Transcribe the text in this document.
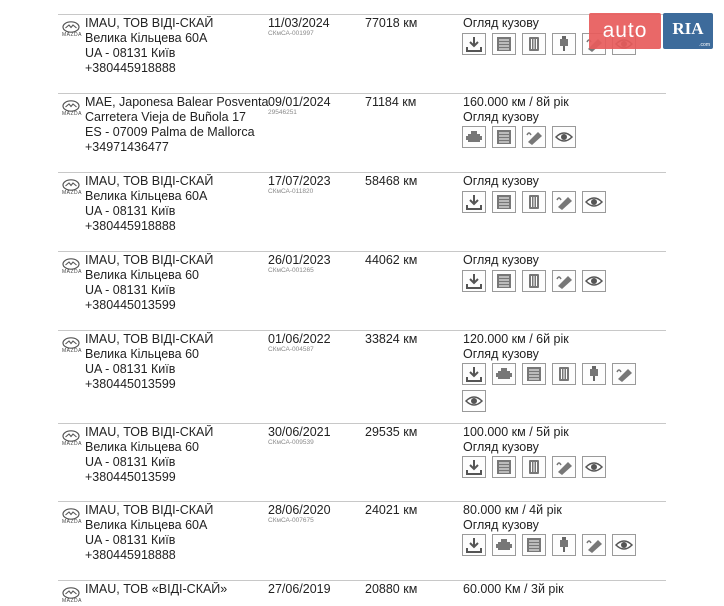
MAZDA
ІМАU, ТОВ ВІДІ-СКАЙ
Велика Кільцева 60А
UA - 08131 Київ
+380445918888
11/03/2024
СКмСА-001997
77018 км	Огляд кузову
MAZDA
МАЕ, Japonesa Balear Posventa
Carretera Vieja de Buñola 17
ES - 07009 Palma de Mallorca
+34971436477
09/01/2024
29546251
71184 км	160.000 км / 8й рік
Огляд кузову
MAZDA
ІМАU, ТОВ ВІДІ-СКАЙ
Велика Кільцева 60А
UA - 08131 Київ
+380445918888
17/07/2023
СКмСА-011820
58468 км	Огляд кузову
MAZDA
ІМАU, ТОВ ВІДІ-СКАЙ
Велика Кільцева 60
UA - 08131 Київ
+380445013599
26/01/2023
СКмСА-001265
44062 км	Огляд кузову
MAZDA
ІМАU, ТОВ ВІДІ-СКАЙ
Велика Кільцева 60
UA - 08131 Київ
+380445013599
01/06/2022
СКмСА-004587
33824 км	120.000 км / 6й рік
Огляд кузову
MAZDA
ІМАU, ТОВ ВІДІ-СКАЙ
Велика Кільцева 60
UA - 08131 Київ
+380445013599
30/06/2021
СКмСА-009539
29535 км	100.000 км / 5й рік
Огляд кузову
MAZDA
ІМАU, ТОВ ВІДІ-СКАЙ
Велика Кільцева 60А
UA - 08131 Київ
+380445918888
28/06/2020
СКмСА-007675
24021 км	80.000 км / 4й рік
Огляд кузову
MAZDA
ІМАU, ТОВ «ВІДІ-СКАЙ»	27/06/2019	20880 км	60.000 Км / 3й рік
auto	RIA
.com
